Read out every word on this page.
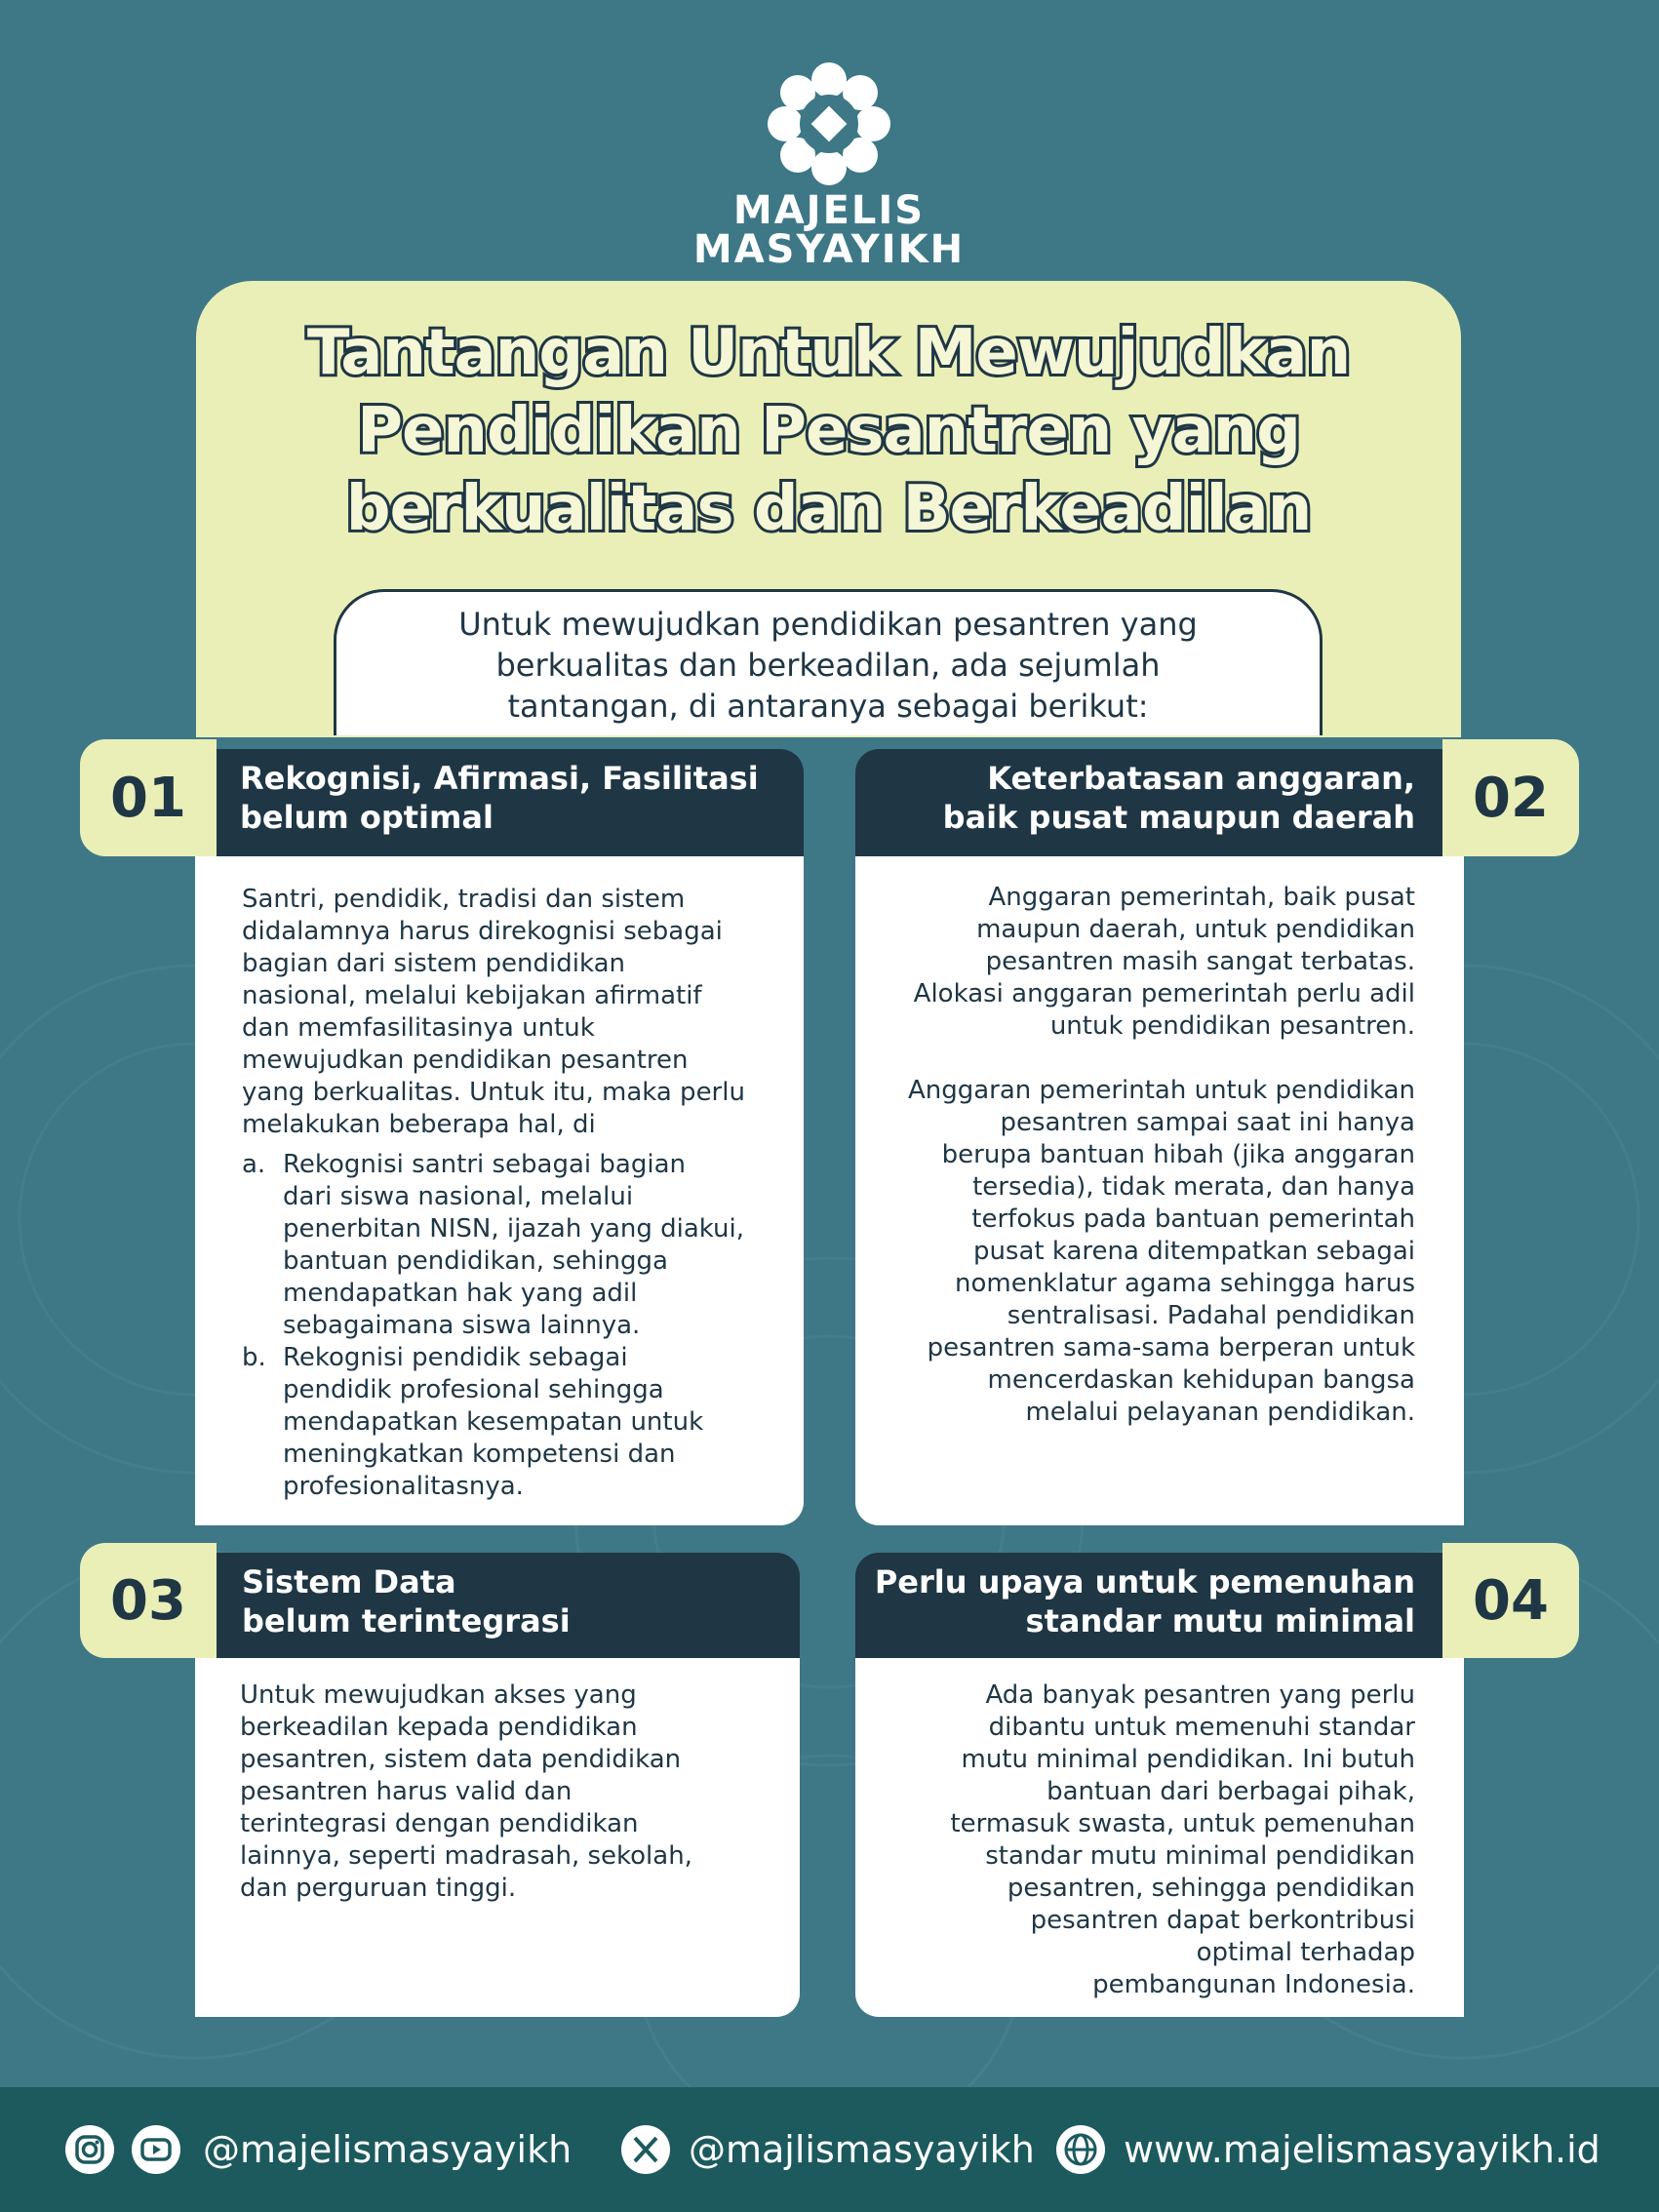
MAJELIS
MASYAYIKH
Tantangan Untuk Mewujudkan
Pendidikan Pesantren yang
berkualitas dan Berkeadilan
Untuk mewujudkan pendidikan pesantren yang
berkualitas dan berkeadilan, ada sejumlah
tantangan, di antaranya sebagai berikut:
01	Rekognisi, Afirmasi, Fasilitasi
belum optimal
Santri, pendidik, tradisi dan sistem
didalamnya harus direkognisi sebagai
bagian dari sistem pendidikan
nasional, melalui kebijakan afirmatif
dan memfasilitasinya untuk
mewujudkan pendidikan pesantren
yang berkualitas. Untuk itu, maka perlu
melakukan beberapa hal, di
a. Rekognisi santri sebagai bagian
dari siswa nasional, melalui
penerbitan NISN, ijazah yang diakui,
bantuan pendidikan, sehingga
mendapatkan hak yang adil
sebagaimana siswa lainnya.
b. Rekognisi pendidik sebagai
pendidik profesional sehingga
mendapatkan kesempatan untuk
meningkatkan kompetensi dan
profesionalitasnya.
02
Keterbatasan anggaran,
baik pusat maupun daerah
Anggaran pemerintah, baik pusat
maupun daerah, untuk pendidikan
pesantren masih sangat terbatas.
Alokasi anggaran pemerintah perlu adil
untuk pendidikan pesantren.
Anggaran pemerintah untuk pendidikan
pesantren sampai saat ini hanya
berupa bantuan hibah (jika anggaran
tersedia), tidak merata, dan hanya
terfokus pada bantuan pemerintah
pusat karena ditempatkan sebagai
nomenklatur agama sehingga harus
sentralisasi. Padahal pendidikan
pesantren sama-sama berperan untuk
mencerdaskan kehidupan bangsa
melalui pelayanan pendidikan.
03	Sistem Data
belum terintegrasi
Untuk mewujudkan akses yang
berkeadilan kepada pendidikan
pesantren, sistem data pendidikan
pesantren harus valid dan
terintegrasi dengan pendidikan
lainnya, seperti madrasah, sekolah,
dan perguruan tinggi.
04
Perlu upaya untuk pemenuhan
standar mutu minimal
Ada banyak pesantren yang perlu
dibantu untuk memenuhi standar
mutu minimal pendidikan. Ini butuh
bantuan dari berbagai pihak,
termasuk swasta, untuk pemenuhan
standar mutu minimal pendidikan
pesantren, sehingga pendidikan
pesantren dapat berkontribusi
optimal terhadap
pembangunan Indonesia.
@majelismasyayikh	@majlismasyayikh www.majelismasyayikh.id
